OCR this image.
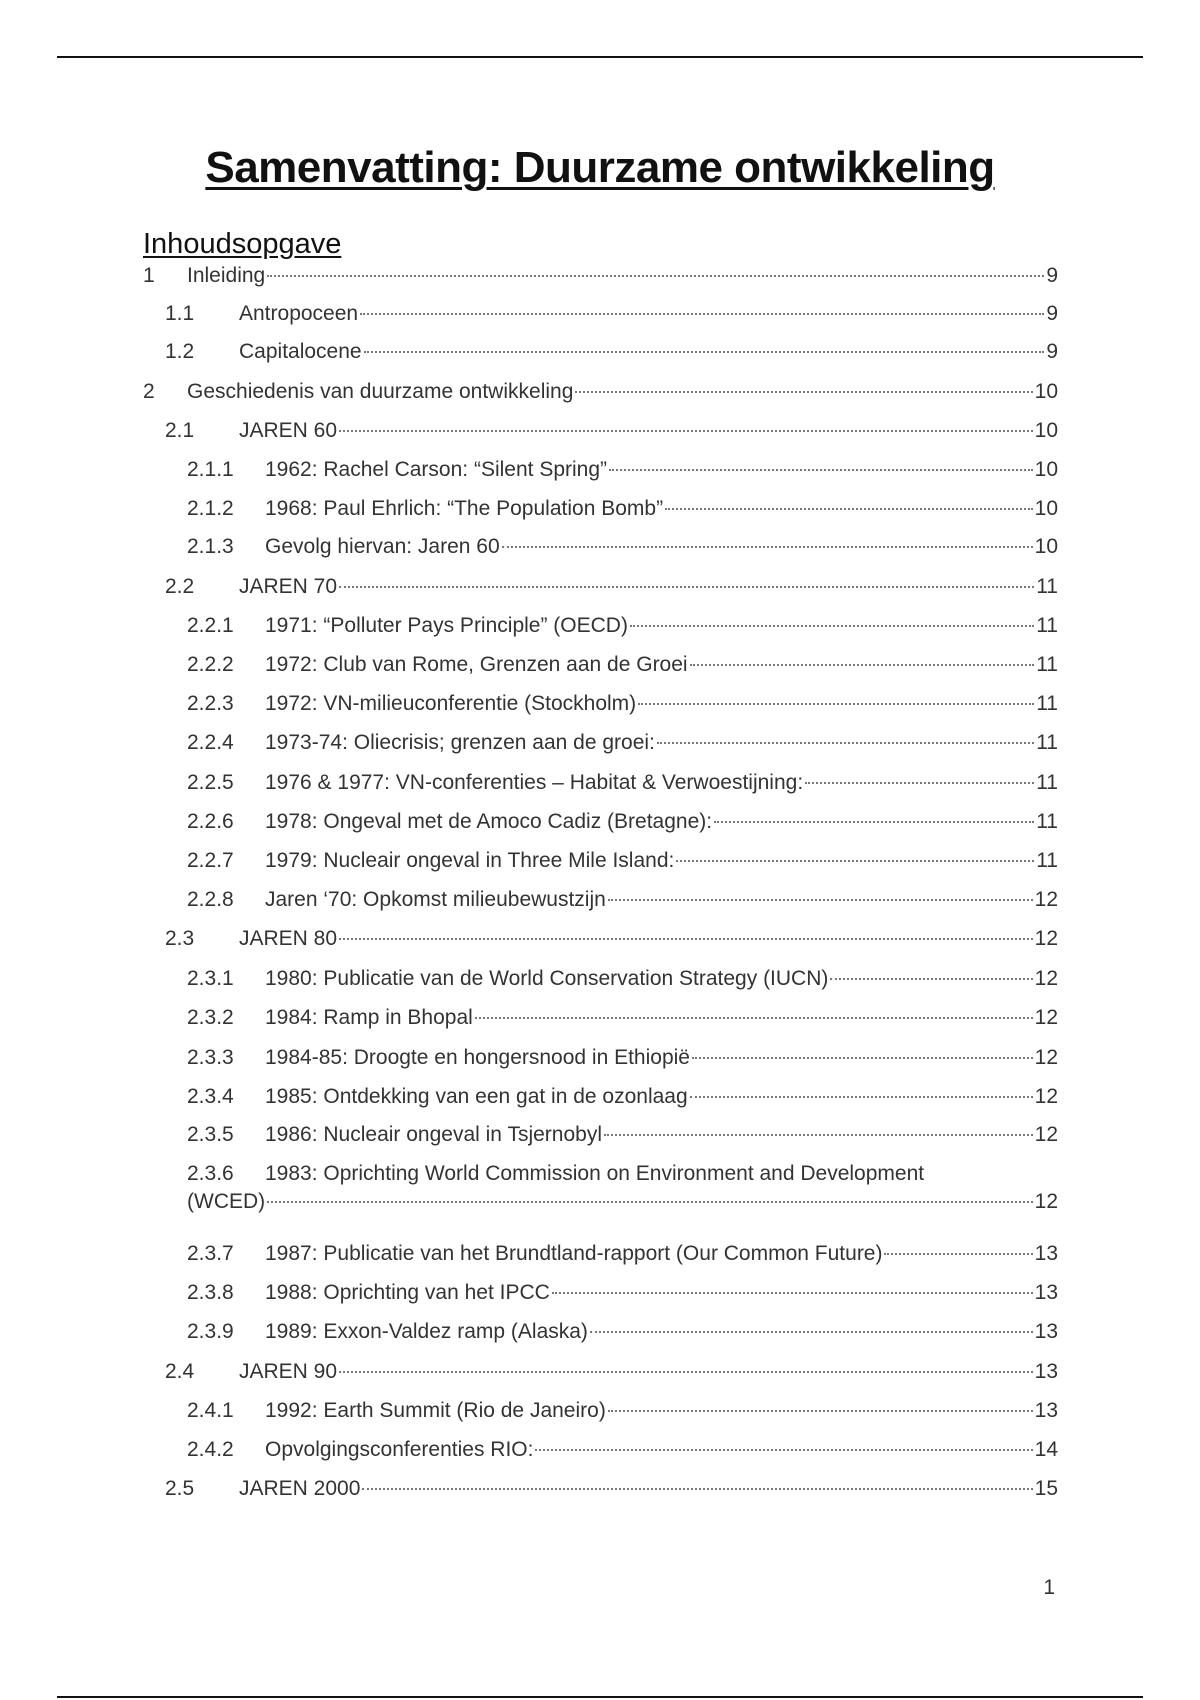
Samenvatting: Duurzame ontwikkeling
Inhoudsopgave
1	Inleiding	9
1.1	Antropoceen	9
1.2	Capitalocene	9
2	Geschiedenis van duurzame ontwikkeling	10
2.1	JAREN 60	10
2.1.1	1962: Rachel Carson: “Silent Spring”	10
2.1.2	1968: Paul Ehrlich: “The Population Bomb”	10
2.1.3	Gevolg hiervan: Jaren 60	10
2.2	JAREN 70	11
2.2.1	1971: “Polluter Pays Principle” (OECD)	11
2.2.2	1972: Club van Rome, Grenzen aan de Groei	11
2.2.3	1972: VN-milieuconferentie (Stockholm)	11
2.2.4	1973-74: Oliecrisis; grenzen aan de groei:	11
2.2.5	1976 & 1977: VN-conferenties – Habitat & Verwoestijning:	11
2.2.6	1978: Ongeval met de Amoco Cadiz (Bretagne):	11
2.2.7	1979: Nucleair ongeval in Three Mile Island:	11
2.2.8	Jaren ‘70: Opkomst milieubewustzijn	12
2.3	JAREN 80	12
2.3.1	1980: Publicatie van de World Conservation Strategy (IUCN)	12
2.3.2	1984: Ramp in Bhopal	12
2.3.3	1984-85: Droogte en hongersnood in Ethiopië	12
2.3.4	1985: Ontdekking van een gat in de ozonlaag	12
2.3.5	1986: Nucleair ongeval in Tsjernobyl	12
2.3.6	1983: Oprichting World Commission on Environment and Development
(WCED)	12
2.3.7	1987: Publicatie van het Brundtland-rapport (Our Common Future)	13
2.3.8	1988: Oprichting van het IPCC	13
2.3.9	1989: Exxon-Valdez ramp (Alaska)	13
2.4	JAREN 90	13
2.4.1	1992: Earth Summit (Rio de Janeiro)	13
2.4.2	Opvolgingsconferenties RIO:	14
2.5	JAREN 2000	15
1
